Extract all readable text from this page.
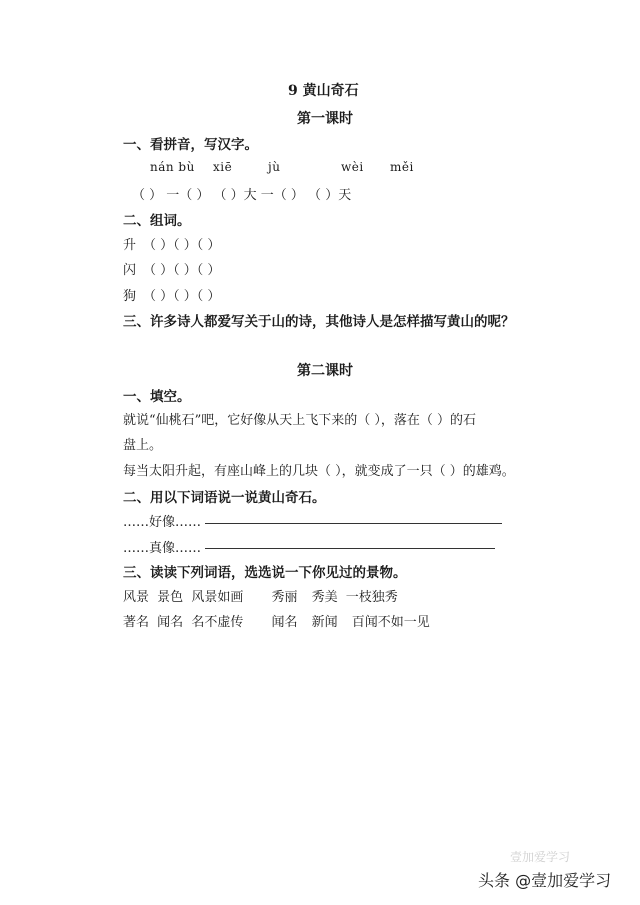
9 黄山奇石
第一课时
一、看拼音，写汉字。
nán bù xiē	jù	wèi měi
（ ） 一（ ） （ ）大 一（ ） （ ）天
二、组词。
升 （ ）（ ）（ ）
闪 （ ）（ ）（ ）
狗 （ ）（ ）（ ）
三、许多诗人都爱写关于山的诗，其他诗人是怎样描写黄山的呢？
第二课时
一、填空。
就说“仙桃石”吧，它好像从天上飞下来的（ ），落在（ ）的石
盘上。
每当太阳升起，有座山峰上的几块（ ），就变成了一只（ ）的雄鸡。
二、用以下词语说一说黄山奇石。
……好像……
……真像……
三、读读下列词语，选选说一下你见过的景物。
风景 景色 风景如画 秀丽 秀美 一枝独秀
著名 闻名 名不虚传 闻名 新闻 百闻不如一见
壹加爱学习
头条 @壹加爱学习
